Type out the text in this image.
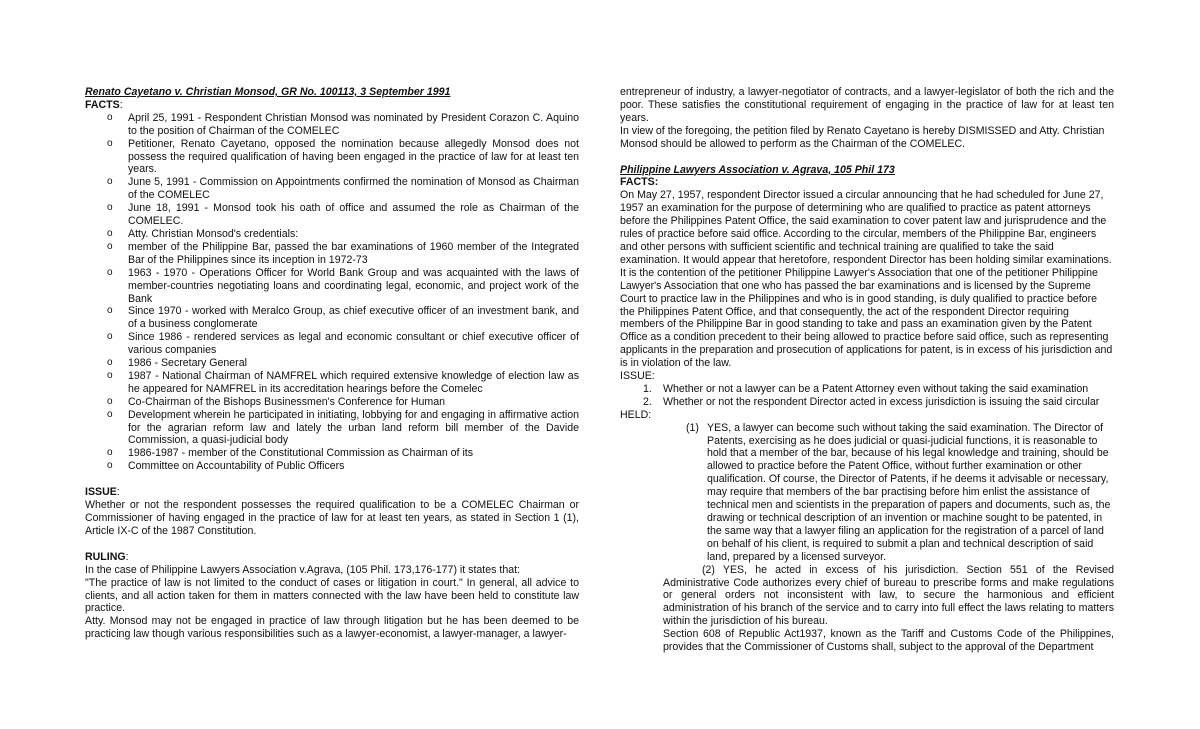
Renato Cayetano v. Christian Monsod, GR No. 100113, 3 September 1991

FACTS:

o April 25, 1991 - Respondent Christian Monsod was nominated by President Corazon C. Aquino to the position of Chairman of the COMELEC
o Petitioner, Renato Cayetano, opposed the nomination because allegedly Monsod does not possess the required qualification of having been engaged in the practice of law for at least ten years.
o June 5, 1991 - Commission on Appointments confirmed the nomination of Monsod as Chairman of the COMELEC
o June 18, 1991 - Monsod took his oath of office and assumed the role as Chairman of the COMELEC.
o Atty. Christian Monsod's credentials:
o member of the Philippine Bar, passed the bar examinations of 1960 member of the Integrated Bar of the Philippines since its inception in 1972-73
o 1963 - 1970 - Operations Officer for World Bank Group and was acquainted with the laws of member-countries negotiating loans and coordinating legal, economic, and project work of the Bank
o Since 1970 - worked with Meralco Group, as chief executive officer of an investment bank, and of a business conglomerate
o Since 1986 - rendered services as legal and economic consultant or chief executive officer of various companies
o 1986 - Secretary General
o 1987 - National Chairman of NAMFREL which required extensive knowledge of election law as he appeared for NAMFREL in its accreditation hearings before the Comelec
o Co-Chairman of the Bishops Businessmen's Conference for Human
o Development wherein he participated in initiating, lobbying for and engaging in affirmative action for the agrarian reform law and lately the urban land reform bill member of the Davide Commission, a quasi-judicial body
o 1986-1987 - member of the Constitutional Commission as Chairman of its
o Committee on Accountability of Public Officers

ISSUE:

Whether or not the respondent possesses the required qualification to be a COMELEC Chairman or Commissioner of having engaged in the practice of law for at least ten years, as stated in Section 1 (1), Article IX-C of the 1987 Constitution.

RULING:

In the case of Philippine Lawyers Association v.Agrava, (105 Phil. 173,176-177) it states that:

"The practice of law is not limited to the conduct of cases or litigation in court." In general, all advice to clients, and all action taken for them in matters connected with the law have been held to constitute law practice.

Atty. Monsod may not be engaged in practice of law through litigation but he has been deemed to be practicing law though various responsibilities such as a lawyer-economist, a lawyer-manager, a lawyer-

entrepreneur of industry, a lawyer-negotiator of contracts, and a lawyer-legislator of both the rich and the poor. These satisfies the constitutional requirement of engaging in the practice of law for at least ten years.

In view of the foregoing, the petition filed by Renato Cayetano is hereby DISMISSED and Atty. Christian Monsod should be allowed to perform as the Chairman of the COMELEC.

Philippine Lawyers Association v. Agrava, 105 Phil 173

FACTS:

On May 27, 1957, respondent Director issued a circular announcing that he had scheduled for June 27, 1957 an examination for the purpose of determining who are qualified to practice as patent attorneys before the Philippines Patent Office, the said examination to cover patent law and jurisprudence and the rules of practice before said office. According to the circular, members of the Philippine Bar, engineers and other persons with sufficient scientific and technical training are qualified to take the said examination. It would appear that heretofore, respondent Director has been holding similar examinations.

It is the contention of the petitioner Philippine Lawyer's Association that one of the petitioner Philippine Lawyer's Association that one who has passed the bar examinations and is licensed by the Supreme Court to practice law in the Philippines and who is in good standing, is duly qualified to practice before the Philippines Patent Office, and that consequently, the act of the respondent Director requiring members of the Philippine Bar in good standing to take and pass an examination given by the Patent Office as a condition precedent to their being allowed to practice before said office, such as representing applicants in the preparation and prosecution of applications for patent, is in excess of his jurisdiction and is in violation of the law.

ISSUE:

1. Whether or not a lawyer can be a Patent Attorney even without taking the said examination
2. Whether or not the respondent Director acted in excess jurisdiction is issuing the said circular

HELD:

(1) YES, a lawyer can become such without taking the said examination. The Director of Patents, exercising as he does judicial or quasi-judicial functions, it is reasonable to hold that a member of the bar, because of his legal knowledge and training, should be allowed to practice before the Patent Office, without further examination or other qualification. Of course, the Director of Patents, if he deems it advisable or necessary, may require that members of the bar practising before him enlist the assistance of technical men and scientists in the preparation of papers and documents, such as, the drawing or technical description of an invention or machine sought to be patented, in the same way that a lawyer filing an application for the registration of a parcel of land on behalf of his client, is required to submit a plan and technical description of said land, prepared by a licensed surveyor.
(2) YES, he acted in excess of his jurisdiction. Section 551 of the Revised Administrative Code authorizes every chief of bureau to prescribe forms and make regulations or general orders not inconsistent with law, to secure the harmonious and efficient administration of his branch of the service and to carry into full effect the laws relating to matters within the jurisdiction of his bureau.
Section 608 of Republic Act1937, known as the Tariff and Customs Code of the Philippines, provides that the Commissioner of Customs shall, subject to the approval of the Department
